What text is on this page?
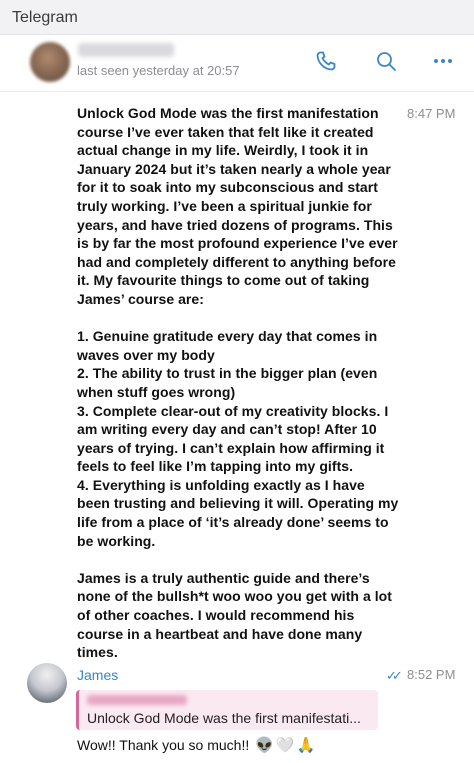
Telegram
last seen yesterday at 20:57
Unlock God Mode was the first manifestation course I’ve ever taken that felt like it created actual change in my life. Weirdly, I took it in January 2024 but it’s taken nearly a whole year for it to soak into my subconscious and start truly working. I’ve been a spiritual junkie for years, and have tried dozens of programs. This is by far the most profound experience I’ve ever had and completely different to anything before it. My favourite things to come out of taking James’ course are:

1. Genuine gratitude every day that comes in waves over my body
2. The ability to trust in the bigger plan (even when stuff goes wrong)
3. Complete clear-out of my creativity blocks. I am writing every day and can’t stop! After 10 years of trying. I can’t explain how affirming it feels to feel like I’m tapping into my gifts.
4. Everything is unfolding exactly as I have been trusting and believing it will. Operating my life from a place of ‘it’s already done’ seems to be working.

James is a truly authentic guide and there’s none of the bullsh*t woo woo you get with a lot of other coaches. I would recommend his course in a heartbeat and have done many times.
8:47 PM
James	✓✓ 8:52 PM
Unlock God Mode was the first manifestati...
Wow!! Thank you so much!! 👽 🤍 🙏
